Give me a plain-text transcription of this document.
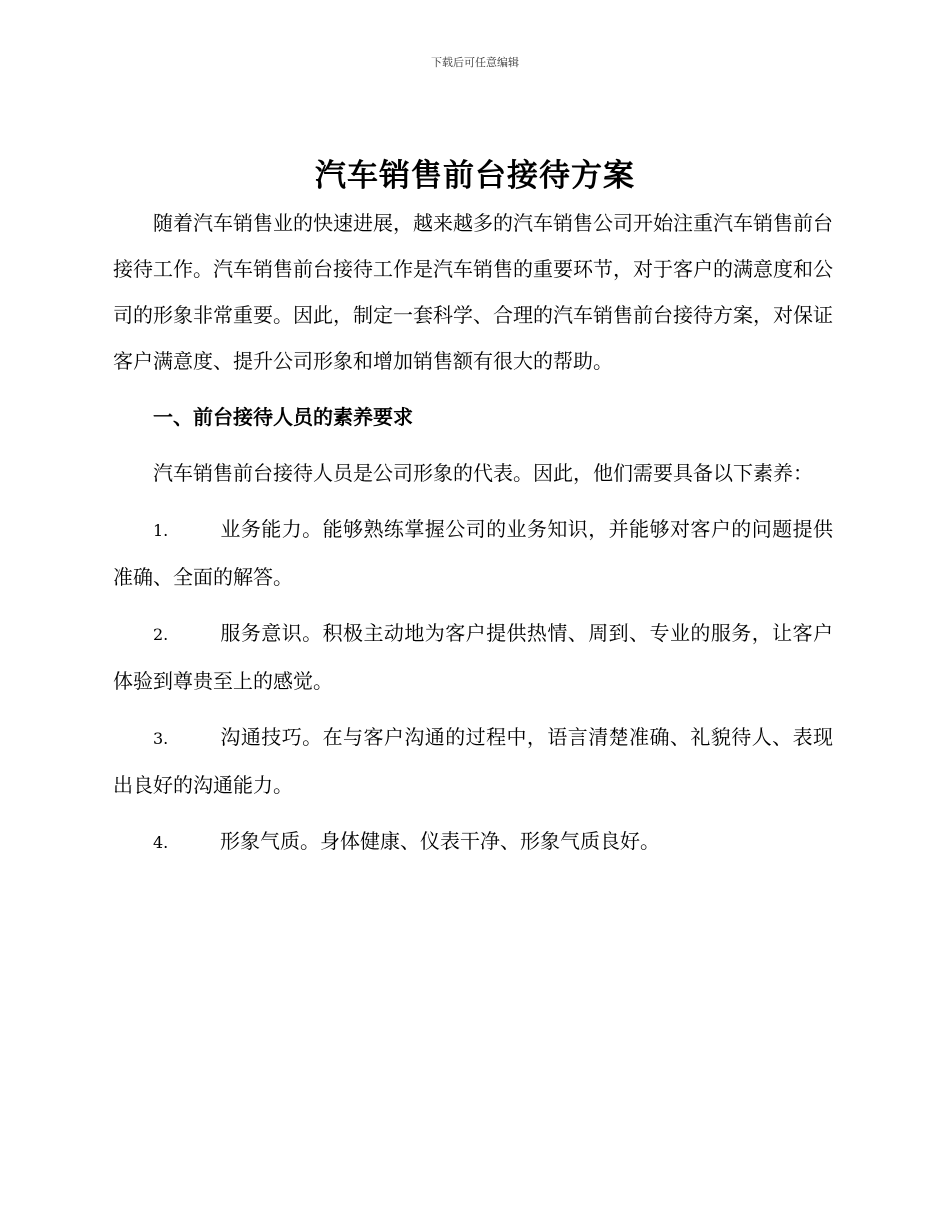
下载后可任意编辑
汽车销售前台接待方案

随着汽车销售业的快速进展，越来越多的汽车销售公司开始注重汽车销售前台接待工作。汽车销售前台接待工作是汽车销售的重要环节，对于客户的满意度和公司的形象非常重要。因此，制定一套科学、合理的汽车销售前台接待方案，对保证客户满意度、提升公司形象和增加销售额有很大的帮助。

一、前台接待人员的素养要求

汽车销售前台接待人员是公司形象的代表。因此，他们需要具备以下素养：

1.	业务能力。能够熟练掌握公司的业务知识，并能够对客户的问题提供准确、全面的解答。

2.	服务意识。积极主动地为客户提供热情、周到、专业的服务，让客户体验到尊贵至上的感觉。

3.	沟通技巧。在与客户沟通的过程中，语言清楚准确、礼貌待人、表现出良好的沟通能力。

4.	形象气质。身体健康、仪表干净、形象气质良好。
